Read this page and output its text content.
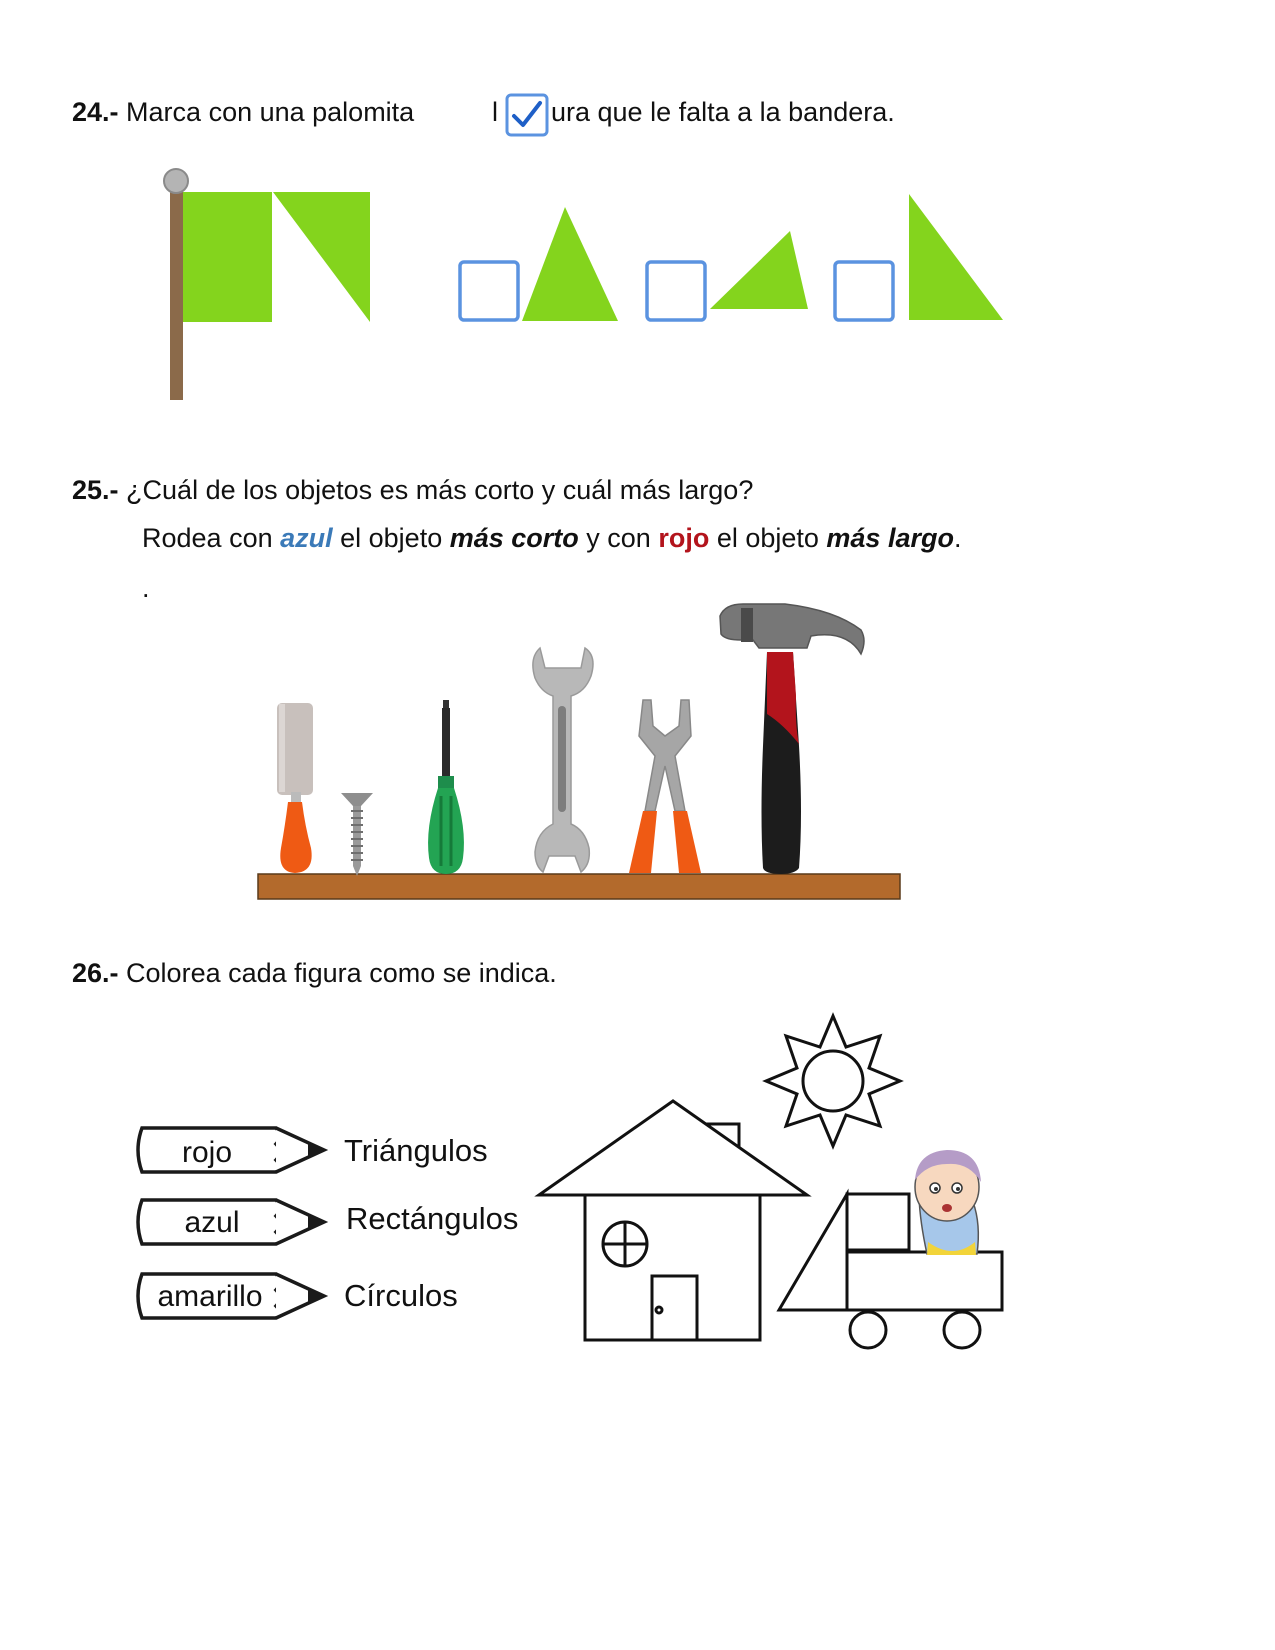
24.- Marca con una palomita	l ura que le falta a la bandera.
25.- ¿Cuál de los objetos es más corto y cuál más largo?
Rodea con azul el objeto más corto y con rojo el objeto más largo.
.
26.- Colorea cada figura como se indica.
rojo	Triángulos
azul	Rectángulos
amarillo	Círculos
